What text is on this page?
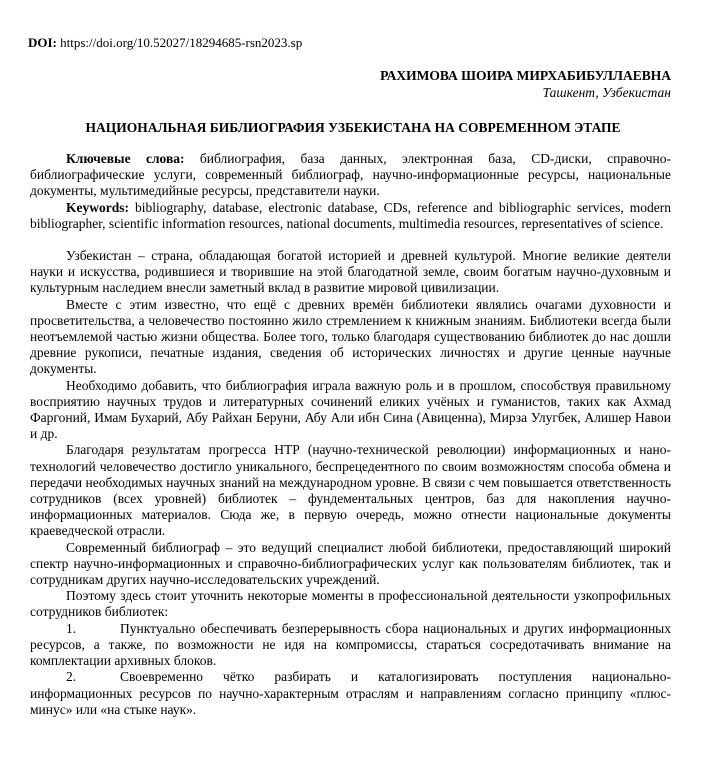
DOI: https://doi.org/10.52027/18294685-rsn2023.sp
РАХИМОВА ШОИРА МИРХАБИБУЛЛАЕВНА
Ташкент, Узбекистан
НАЦИОНАЛЬНАЯ БИБЛИОГРАФИЯ УЗБЕКИСТАНА НА СОВРЕМЕННОМ ЭТАПЕ

Ключевые слова: библиография, база данных, электронная база, CD-диски, справочно-библиографические услуги, современный библиограф, научно-информационные ресурсы, национальные документы, мультимедийные ресурсы, представители науки.

Keywords: bibliography, database, electronic database, CDs, reference and bibliographic services, modern bibliographer, scientific information resources, national documents, multimedia resources, representatives of science.

Узбекистан – страна, обладающая богатой историей и древней культурой. Многие великие деятели науки и искусства, родившиеся и творившие на этой благодатной земле, своим богатым научно-духовным и культурным наследием внесли заметный вклад в развитие мировой цивилизации.

Вместе с этим известно, что ещё с древних времён библиотеки являлись очагами духовности и просветительства, а человечество постоянно жило стремлением к книжным знаниям. Библиотеки всегда были неотъемлемой частью жизни общества. Более того, только благодаря существованию библиотек до нас дошли древние рукописи, печатные издания, сведения об исторических личностях и другие ценные научные документы.

Необходимо добавить, что библиография играла важную роль и в прошлом, способствуя правильному восприятию научных трудов и литературных сочинений еликих учёных и гуманистов, таких как Ахмад Фаргоний, Имам Бухарий, Абу Райхан Беруни, Абу Али ибн Сина (Авиценна), Мирза Улугбек, Алишер Навои и др.

Благодаря результатам прогресса НТР (научно-технической революции) информационных и нано-технологий человечество достигло уникального, беспрецедентного по своим возможностям способа обмена и передачи необходимых научных знаний на международном уровне. В связи с чем повышается ответственность сотрудников (всех уровней) библиотек – фундементальных центров, баз для накопления научно-информационных материалов. Сюда же, в первую очередь, можно отнести национальные документы краеведческой отрасли.

Современный библиограф – это ведущий специалист любой библиотеки, предоставляющий широкий спектр научно-информационных и справочно-библиографических услуг как пользователям библиотек, так и сотрудникам других научно-исследовательских учреждений.

Поэтому здесь стоит уточнить некоторые моменты в профессиональной деятельности узкопрофильных сотрудников библиотек:

1.	Пунктуально обеспечивать безперерывность сбора национальных и других информационных ресурсов, а также, по возможности не идя на компромиссы, стараться сосредотачивать внимание на комплектации архивных блоков.

2.	Своевременно чётко разбирать и каталогизировать поступления национально-информационных ресурсов по научно-характерным отраслям и направлениям согласно принципу «плюс-минус» или «на стыке наук».
